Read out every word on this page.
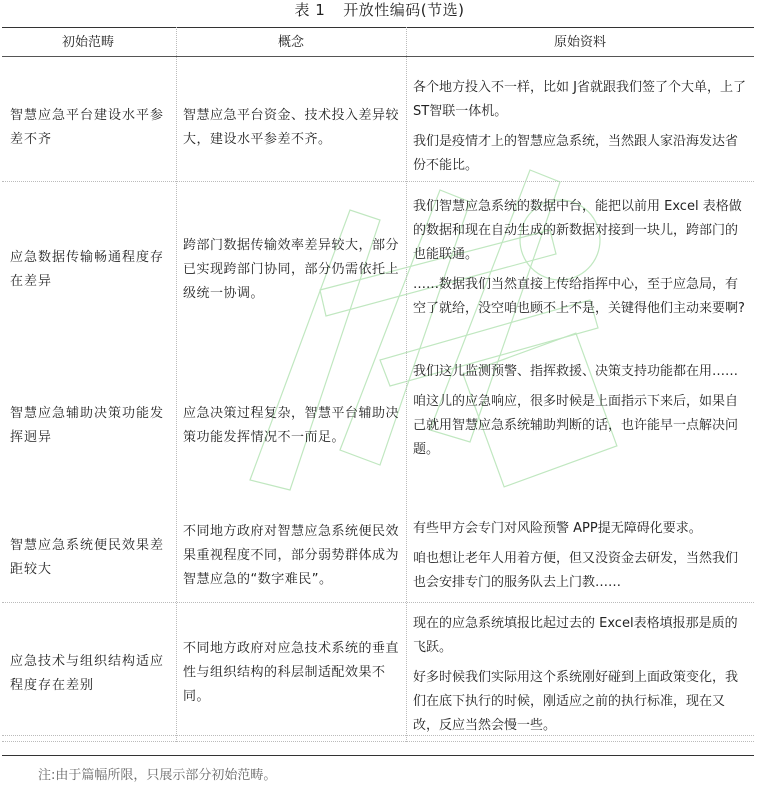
表 1 开放性编码(节选)
初始范畴	概念	原始资料
智慧应急平台建设水平参差不齐
智慧应急平台资金、技术投入差异较大，建设水平参差不齐。

各个地方投入不一样，比如 J省就跟我们签了个大单，上了 ST智联一体机。

我们是疫情才上的智慧应急系统，当然跟人家沿海发达省份不能比。

应急数据传输畅通程度存在差异
跨部门数据传输效率差异较大，部分已实现跨部门协同，部分仍需依托上级统一协调。

我们智慧应急系统的数据中台，能把以前用 Excel 表格做的数据和现在自动生成的新数据对接到一块儿，跨部门的也能联通。

……数据我们当然直接上传给指挥中心，至于应急局，有空了就给，没空咱也顾不上不是，关键得他们主动来要啊?

智慧应急辅助决策功能发挥迥异
应急决策过程复杂，智慧平台辅助决策功能发挥情况不一而足。

我们这儿监测预警、指挥救援、决策支持功能都在用……

咱这儿的应急响应，很多时候是上面指示下来后，如果自己就用智慧应急系统辅助判断的话，也许能早一点解决问题。

智慧应急系统便民效果差距较大
不同地方政府对智慧应急系统便民效果重视程度不同，部分弱势群体成为智慧应急的“数字难民”。

有些甲方会专门对风险预警 APP提无障碍化要求。

咱也想让老年人用着方便，但又没资金去研发，当然我们也会安排专门的服务队去上门教……

应急技术与组织结构适应程度存在差别
不同地方政府对应急技术系统的垂直性与组织结构的科层制适配效果不同。

现在的应急系统填报比起过去的 Excel表格填报那是质的飞跃。

好多时候我们实际用这个系统刚好碰到上面政策变化，我们在底下执行的时候，刚适应之前的执行标准，现在又改，反应当然会慢一些。

注:由于篇幅所限，只展示部分初始范畴。
